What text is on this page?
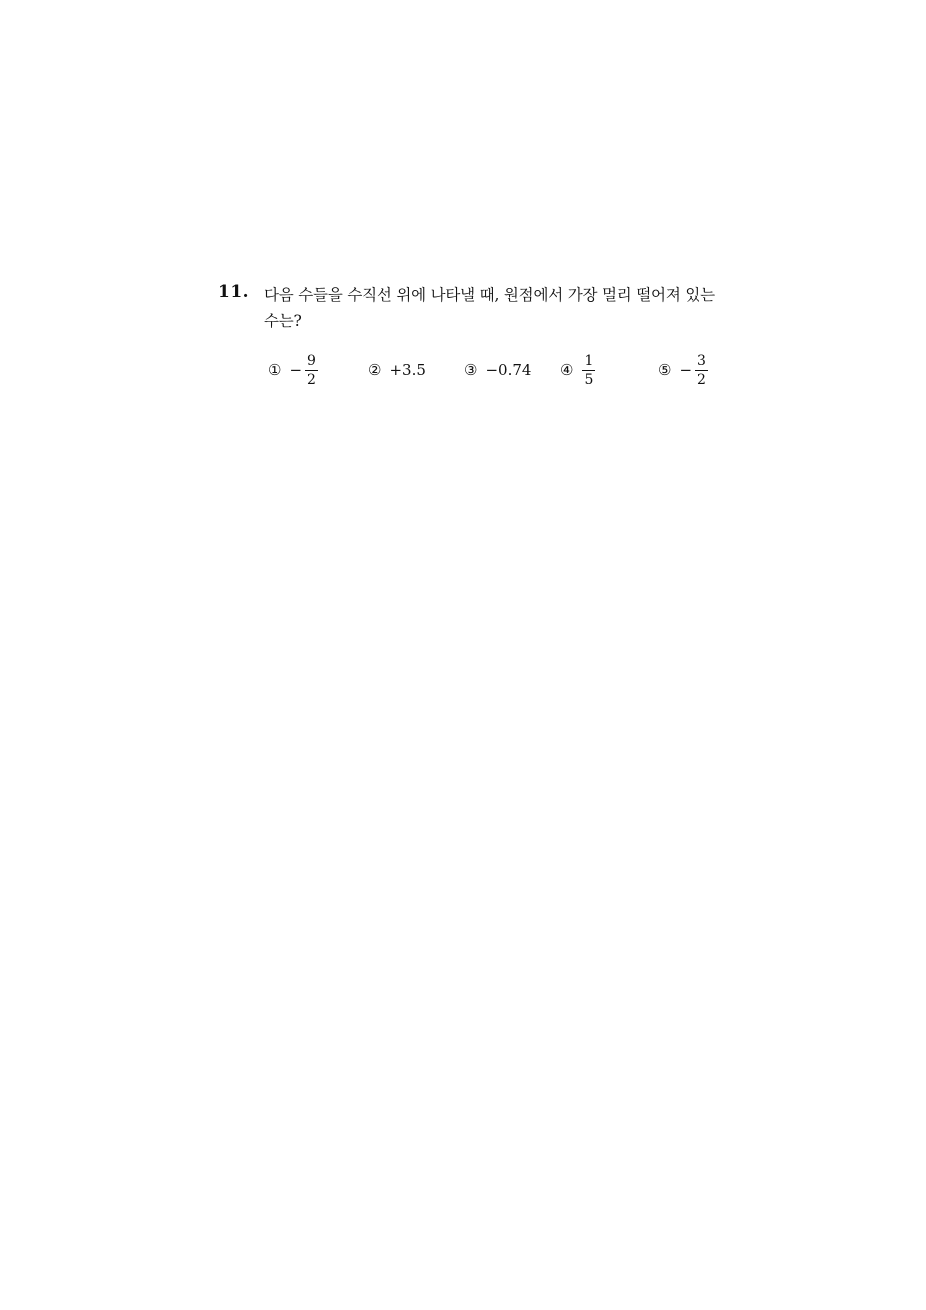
11. 다음 수들을 수직선 위에 나타낼 때, 원점에서 가장 멀리 떨어져 있는 수는?
① − $\frac{9}{2}$	② +3.5	③ −0.74 ④ $\frac{1}{5}$	⑤ − $\frac{3}{2}$
